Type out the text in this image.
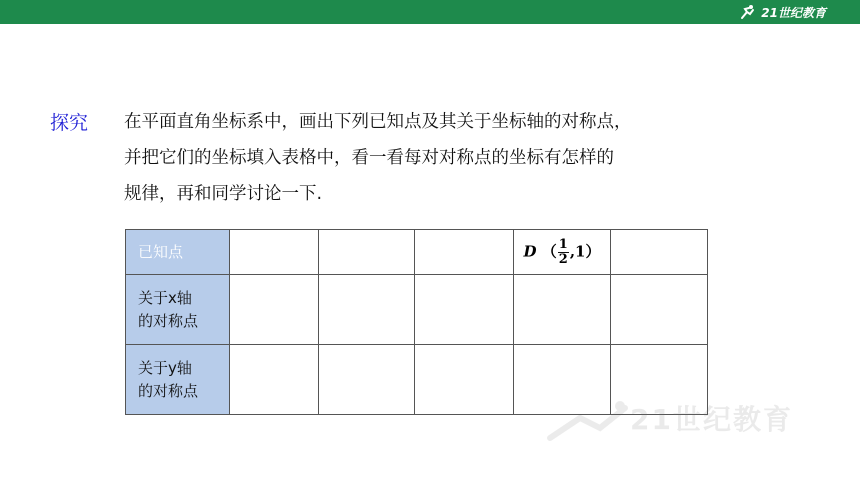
21世纪教育
探究 在平面直角坐标系中，画出下列已知点及其关于坐标轴的对称点，

并把它们的坐标填入表格中，看一看每对对称点的坐标有怎样的

规律，再和同学讨论一下.

已知点				D （ $\frac{1}{2} ,1$）	

关于x轴
的对称点					

关于y轴
的对称点					

21世纪教育
